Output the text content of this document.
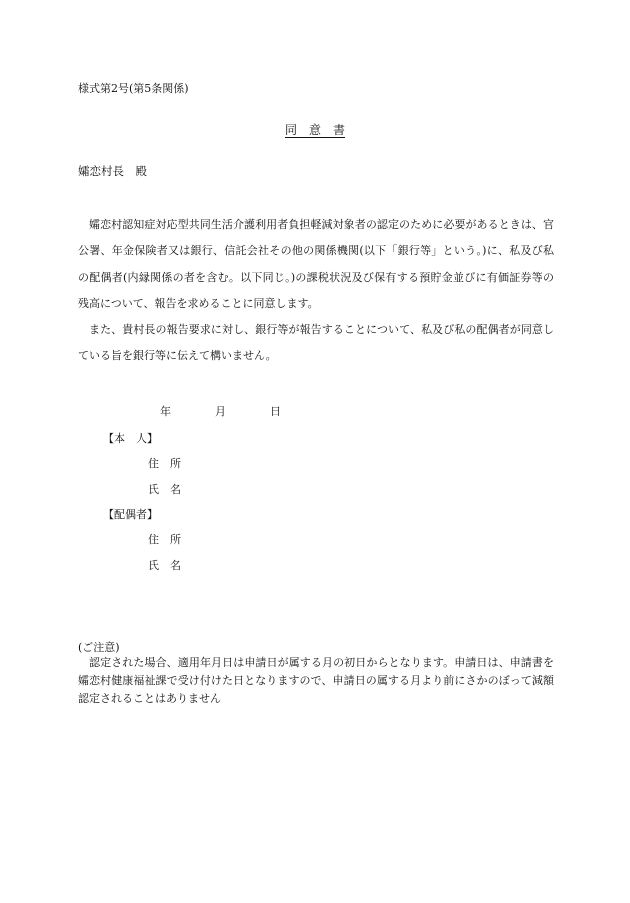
様式第2号(第5条関係)
同　意　書
孀恋村長　殿

孀恋村認知症対応型共同生活介護利用者負担軽減対象者の認定のために必要があるときは、官公署、年金保険者又は銀行、信託会社その他の関係機関(以下「銀行等」という。)に、私及び私の配偶者(内縁関係の者を含む。以下同じ。)の課税状況及び保有する預貯金並びに有価証券等の残高について、報告を求めることに同意します。

また、貴村長の報告要求に対し、銀行等が報告することについて、私及び私の配偶者が同意している旨を銀行等に伝えて構いません。

年	月	日
【本　人】
住　所
氏　名
【配偶者】
住　所
氏　名
(ご注意)
認定された場合、適用年月日は申請日が属する月の初日からとなります。申請日は、申請書を孀恋村健康福祉課で受け付けた日となりますので、申請日の属する月より前にさかのぼって減額認定されることはありません
